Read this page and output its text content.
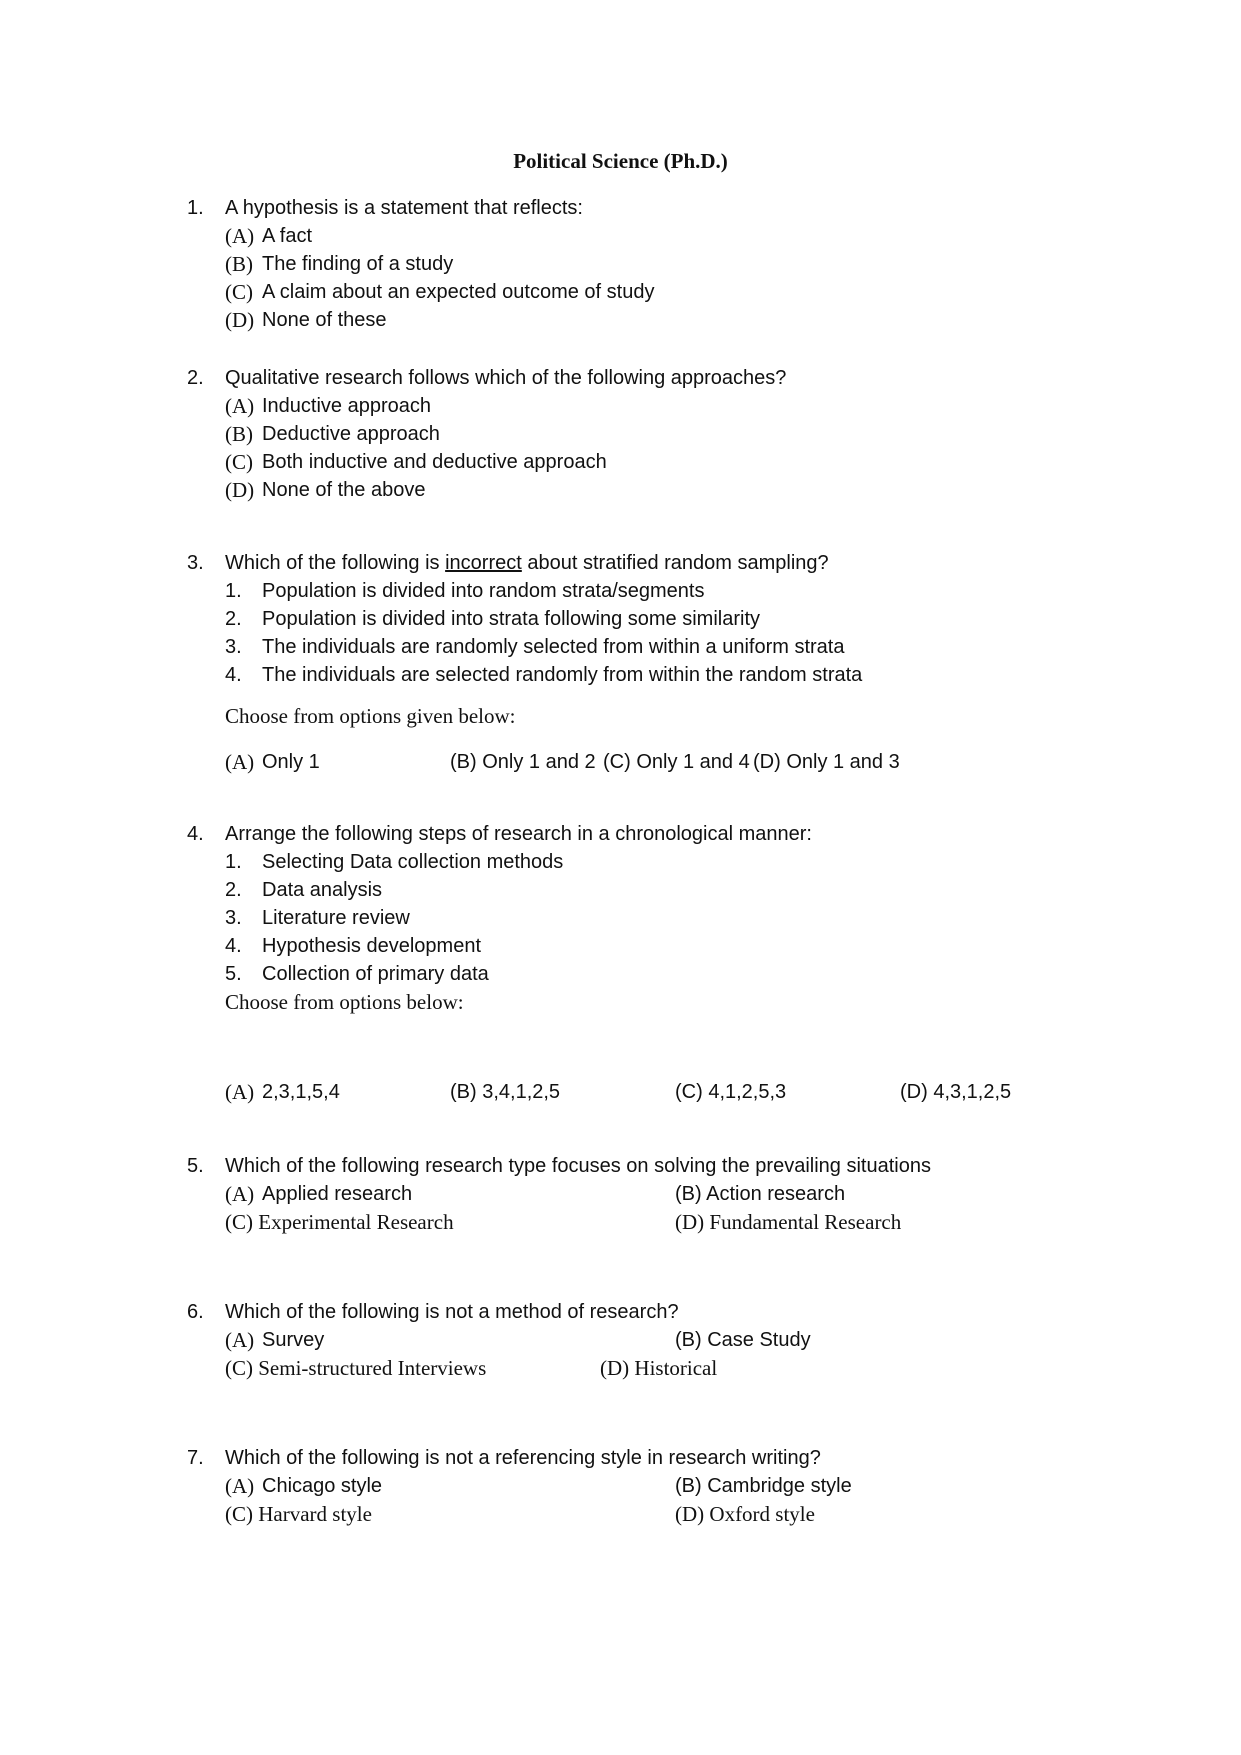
Political Science (Ph.D.)
1. A hypothesis is a statement that reflects:
(A) A fact
(B) The finding of a study
(C) A claim about an expected outcome of study
(D) None of these
2. Qualitative research follows which of the following approaches?
(A) Inductive approach
(B) Deductive approach
(C) Both inductive and deductive approach
(D) None of the above
3. Which of the following is incorrect about stratified random sampling?
1. Population is divided into random strata/segments
2. Population is divided into strata following some similarity
3. The individuals are randomly selected from within a uniform strata
4. The individuals are selected randomly from within the random strata
Choose from options given below:
(A) Only 1	(B) Only 1 and 2 (C) Only 1 and 4 (D) Only 1 and 3
4. Arrange the following steps of research in a chronological manner:
1. Selecting Data collection methods
2. Data analysis
3. Literature review
4. Hypothesis development
5. Collection of primary data
Choose from options below:
(A) 2,3,1,5,4	(B) 3,4,1,2,5	(C) 4,1,2,5,3	(D) 4,3,1,2,5
5. Which of the following research type focuses on solving the prevailing situations
(A) Applied research	(B) Action research
(C) Experimental Research	(D) Fundamental Research
6. Which of the following is not a method of research?
(A) Survey	(B) Case Study
(C) Semi-structured Interviews	(D) Historical
7. Which of the following is not a referencing style in research writing?
(A) Chicago style	(B) Cambridge style
(C) Harvard style	(D) Oxford style
